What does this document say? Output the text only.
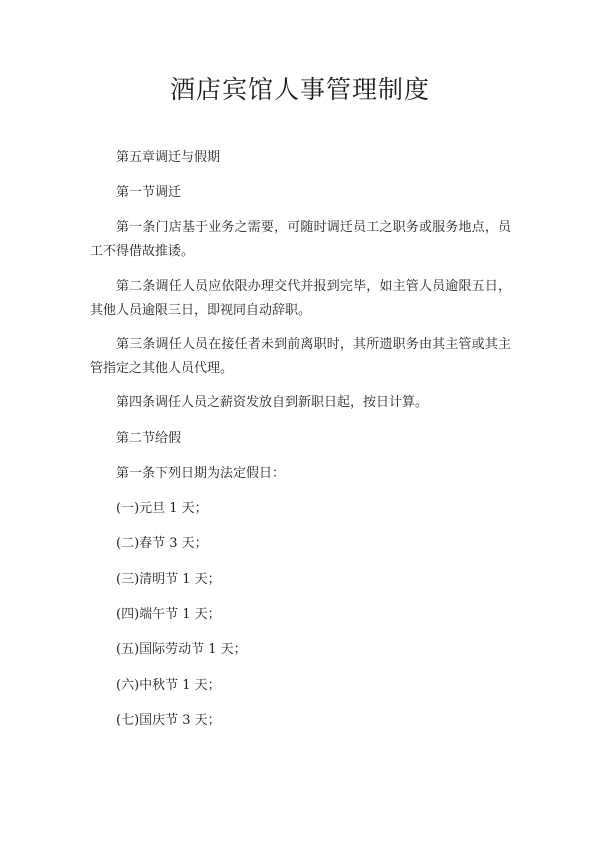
酒店宾馆人事管理制度

第五章调迁与假期

第一节调迁

第一条门店基于业务之需要，可随时调迁员工之职务或服务地点，员工不得借故推诿。

第二条调任人员应依限办理交代并报到完毕，如主管人员逾限五日，其他人员逾限三日，即视同自动辞职。

第三条调任人员在接任者未到前离职时，其所遗职务由其主管或其主管指定之其他人员代理。

第四条调任人员之薪资发放自到新职日起，按日计算。

第二节给假

第一条下列日期为法定假日：

(一)元旦 1 天；

(二)春节 3 天；

(三)清明节 1 天；

(四)端午节 1 天；

(五)国际劳动节 1 天；

(六)中秋节 1 天；

(七)国庆节 3 天；
